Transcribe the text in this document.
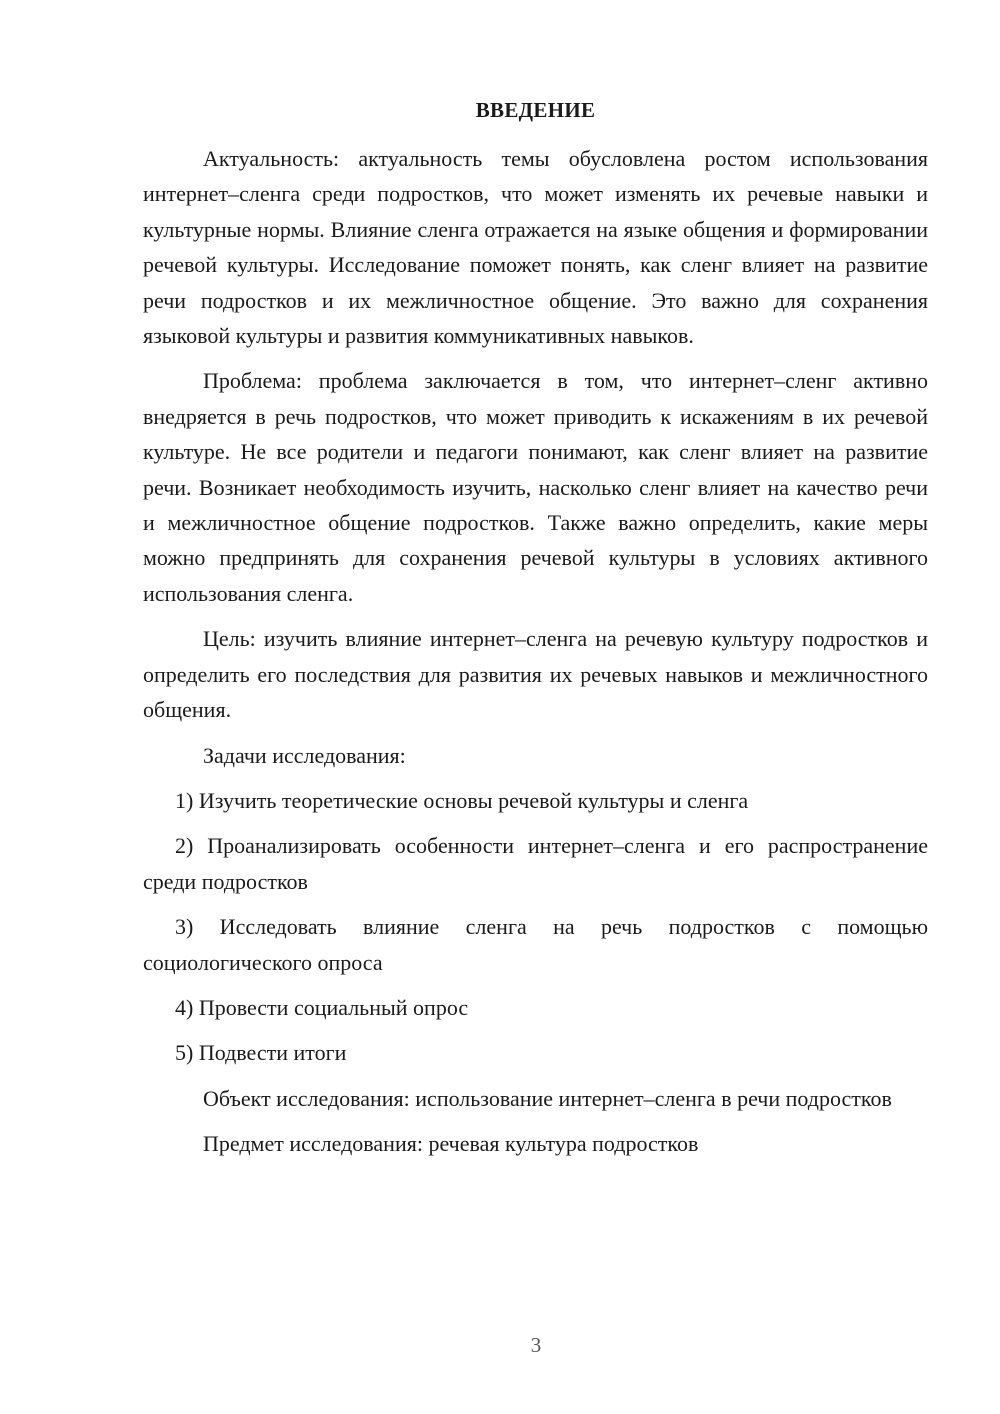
ВВЕДЕНИЕ

Актуальность: актуальность темы обусловлена ростом использования интернет–сленга среди подростков, что может изменять их речевые навыки и культурные нормы. Влияние сленга отражается на языке общения и формировании речевой культуры. Исследование поможет понять, как сленг влияет на развитие речи подростков и их межличностное общение. Это важно для сохранения языковой культуры и развития коммуникативных навыков.

Проблема: проблема заключается в том, что интернет–сленг активно внедряется в речь подростков, что может приводить к искажениям в их речевой культуре. Не все родители и педагоги понимают, как сленг влияет на развитие речи. Возникает необходимость изучить, насколько сленг влияет на качество речи и межличностное общение подростков. Также важно определить, какие меры можно предпринять для сохранения речевой культуры в условиях активного использования сленга.

Цель: изучить влияние интернет–сленга на речевую культуру подростков и определить его последствия для развития их речевых навыков и межличностного общения.

Задачи исследования:

1) Изучить теоретические основы речевой культуры и сленга

2) Проанализировать особенности интернет–сленга и его распространение среди подростков

3) Исследовать влияние сленга на речь подростков с помощью социологического опроса

4) Провести социальный опрос

5) Подвести итоги

Объект исследования: использование интернет–сленга в речи подростков

Предмет исследования: речевая культура подростков

3
